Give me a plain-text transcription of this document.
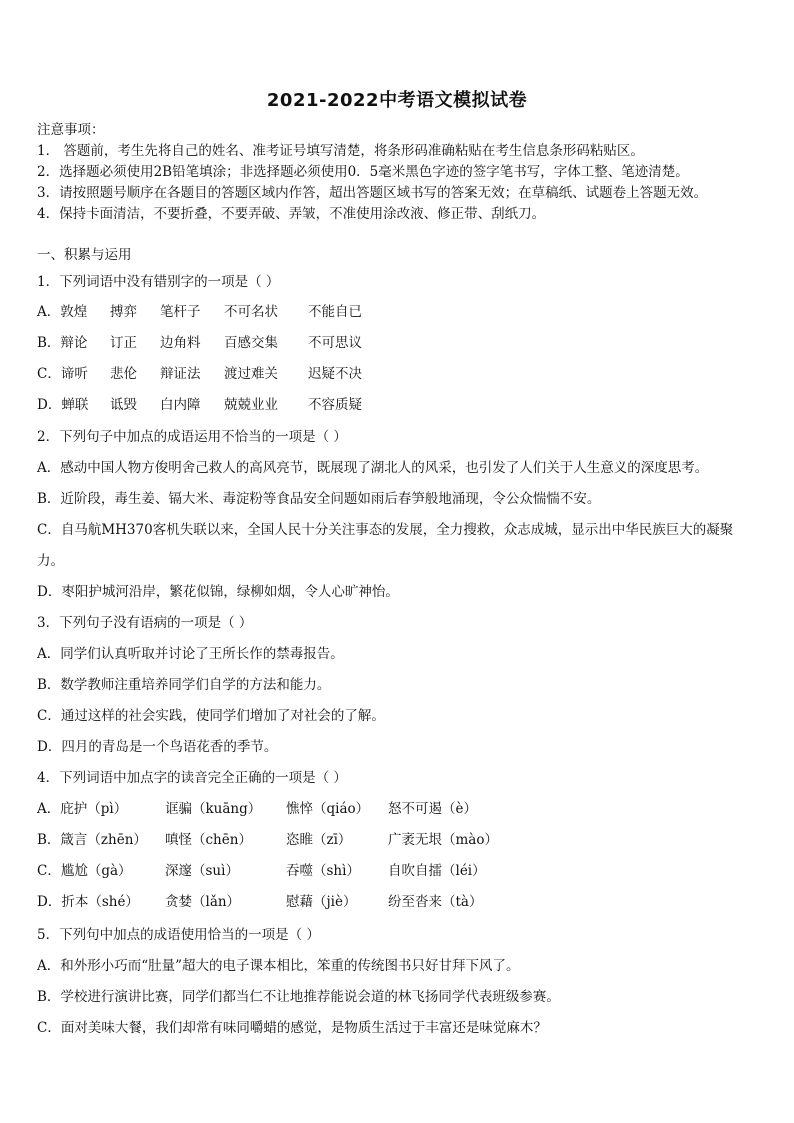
2021-2022中考语文模拟试卷
注意事项：
1． 答题前，考生先将自己的姓名、准考证号填写清楚，将条形码准确粘贴在考生信息条形码粘贴区。
2．选择题必须使用2B铅笔填涂；非选择题必须使用0．5毫米黑色字迹的签字笔书写，字体工整、笔迹清楚。
3．请按照题号顺序在各题目的答题区域内作答，超出答题区域书写的答案无效；在草稿纸、试题卷上答题无效。
4．保持卡面清洁，不要折叠，不要弄破、弄皱，不准使用涂改液、修正带、刮纸刀。
一、积累与运用
1．下列词语中没有错别字的一项是（ ）
A．敦煌 搏弈 笔杆子 不可名状 不能自已
B．辩论 订正 边角料 百感交集 不可思议
C．谛听 悲伦 辩证法 渡过难关 迟疑不决
D．蝉联 诋毁 白内障 兢兢业业 不容质疑
2．下列句子中加点的成语运用不恰当的一项是（ ）
A．感动中国人物方俊明舍己救人的高风亮节，既展现了湖北人的风采，也引发了人们关于人生意义的深度思考。
B．近阶段，毒生姜、镉大米、毒淀粉等食品安全问题如雨后春笋般地涌现，令公众惴惴不安。
C．自马航MH370客机失联以来，全国人民十分关注事态的发展，全力搜救，众志成城，显示出中华民族巨大的凝聚
力。
D．枣阳护城河沿岸，繁花似锦，绿柳如烟，令人心旷神怡。
3．下列句子没有语病的一项是（ ）
A．同学们认真听取并讨论了王所长作的禁毒报告。
B．数学教师注重培养同学们自学的方法和能力。
C．通过这样的社会实践，使同学们增加了对社会的了解。
D．四月的青岛是一个鸟语花香的季节。
4．下列词语中加点字的读音完全正确的一项是（ ）
A．庇护（pì）	诓骗（kuāng） 憔悴（qiáo） 怒不可遏（è）
B．箴言（zhēn） 嗔怪（chēn）	恣睢（zī）	广袤无垠（mào）
C．尴尬（gà） 深邃（suì）	吞噬（shì） 自吹自擂（léi）
D．折本（shé） 贪婪（lǎn）	慰藉（jiè） 纷至沓来（tà）
5．下列句中加点的成语使用恰当的一项是（ ）
A．和外形小巧而“肚量”超大的电子课本相比，笨重的传统图书只好甘拜下风了。
B．学校进行演讲比赛，同学们都当仁不让地推荐能说会道的林飞扬同学代表班级参赛。
C．面对美味大餐，我们却常有味同嚼蜡的感觉，是物质生活过于丰富还是味觉麻木？
